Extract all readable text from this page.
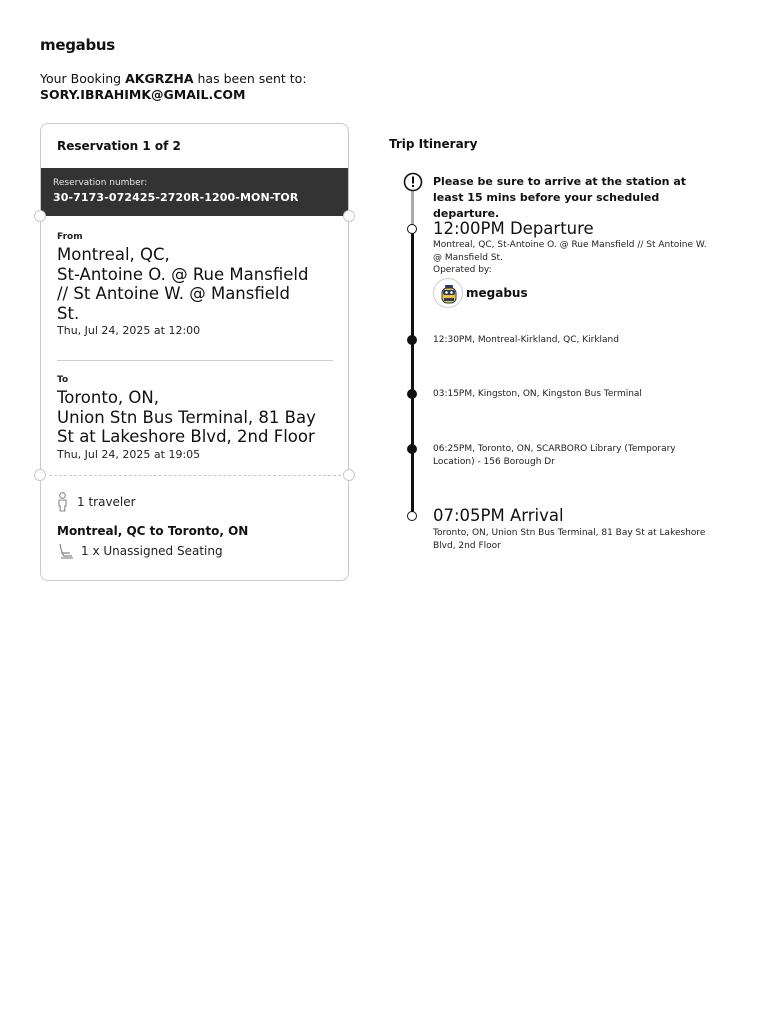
megabus
Your Booking AKGRZHA has been sent to:
SORY.IBRAHIMK@GMAIL.COM
Reservation 1 of 2
Reservation number:
30-7173-072425-2720R-1200-MON-TOR
From
Montreal, QC,
St-Antoine O. @ Rue Mansfield
// St Antoine W. @ Mansfield
St.
Thu, Jul 24, 2025 at 12:00
To
Toronto, ON,
Union Stn Bus Terminal, 81 Bay
St at Lakeshore Blvd, 2nd Floor
Thu, Jul 24, 2025 at 19:05
1 traveler
Montreal, QC to Toronto, ON
1 x Unassigned Seating
Trip Itinerary
Please be sure to arrive at the station at least 15 mins before your scheduled departure.
12:00PM Departure
Montreal, QC, St-Antoine O. @ Rue Mansfield // St Antoine W. @ Mansfield St.
Operated by:
megabus
12:30PM, Montreal-Kirkland, QC, Kirkland
03:15PM, Kingston, ON, Kingston Bus Terminal
06:25PM, Toronto, ON, SCARBORO Library (Temporary Location) - 156 Borough Dr
07:05PM Arrival
Toronto, ON, Union Stn Bus Terminal, 81 Bay St at Lakeshore Blvd, 2nd Floor
